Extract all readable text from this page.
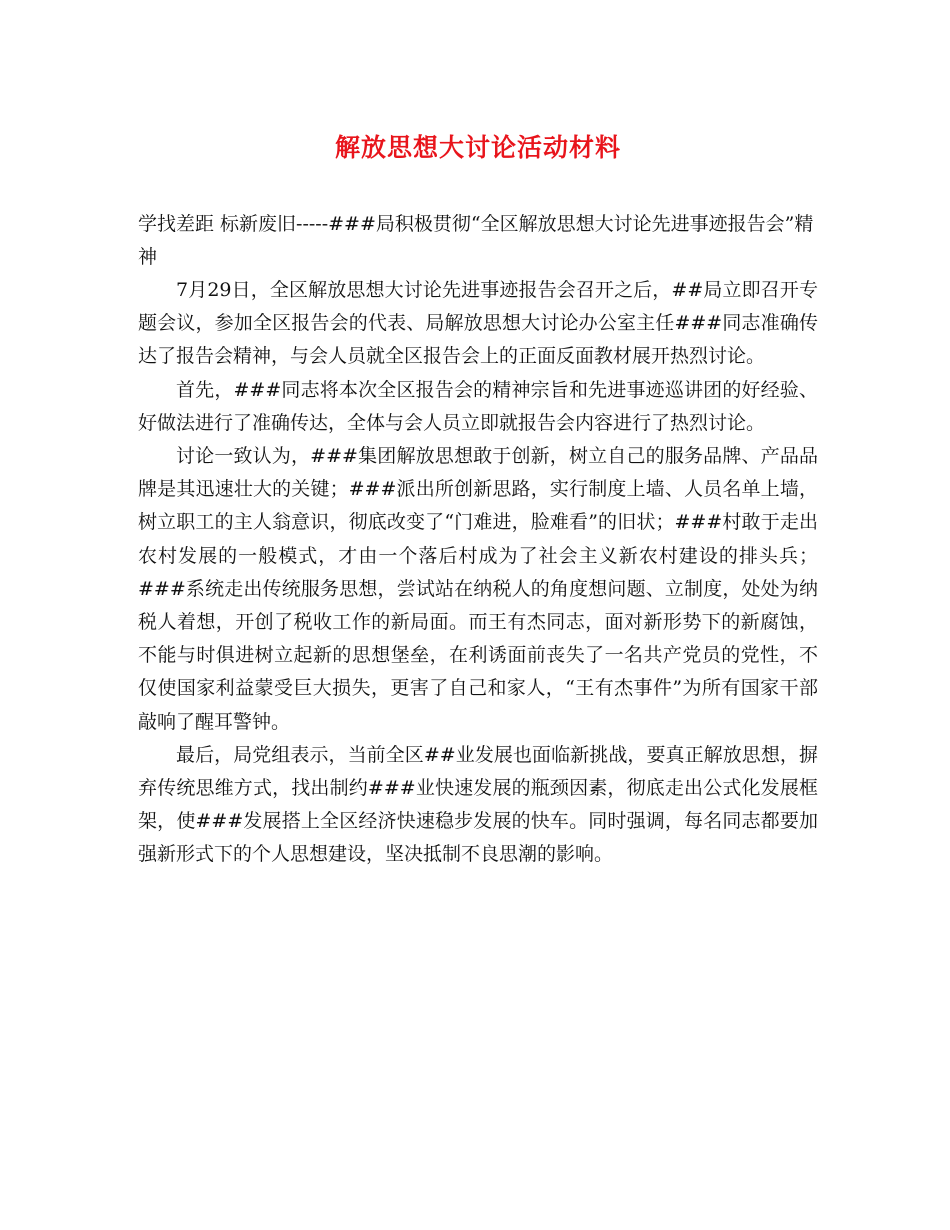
解放思想大讨论活动材料

学找差距 标新废旧-----###局积极贯彻“全区解放思想大讨论先进事迹报告会”精神

7月29日，全区解放思想大讨论先进事迹报告会召开之后，##局立即召开专题会议，参加全区报告会的代表、局解放思想大讨论办公室主任###同志准确传达了报告会精神，与会人员就全区报告会上的正面反面教材展开热烈讨论。

首先，###同志将本次全区报告会的精神宗旨和先进事迹巡讲团的好经验、好做法进行了准确传达，全体与会人员立即就报告会内容进行了热烈讨论。

讨论一致认为，###集团解放思想敢于创新，树立自己的服务品牌、产品品牌是其迅速壮大的关键；###派出所创新思路，实行制度上墙、人员名单上墙，树立职工的主人翁意识，彻底改变了“门难进，脸难看”的旧状；###村敢于走出农村发展的一般模式，才由一个落后村成为了社会主义新农村建设的排头兵；###系统走出传统服务思想，尝试站在纳税人的角度想问题、立制度，处处为纳税人着想，开创了税收工作的新局面。而王有杰同志，面对新形势下的新腐蚀，不能与时俱进树立起新的思想堡垒，在利诱面前丧失了一名共产党员的党性，不仅使国家利益蒙受巨大损失，更害了自己和家人，“王有杰事件”为所有国家干部敲响了醒耳警钟。

最后，局党组表示，当前全区##业发展也面临新挑战，要真正解放思想，摒弃传统思维方式，找出制约###业快速发展的瓶颈因素，彻底走出公式化发展框架，使###发展搭上全区经济快速稳步发展的快车。同时强调，每名同志都要加强新形式下的个人思想建设，坚决抵制不良思潮的影响。
